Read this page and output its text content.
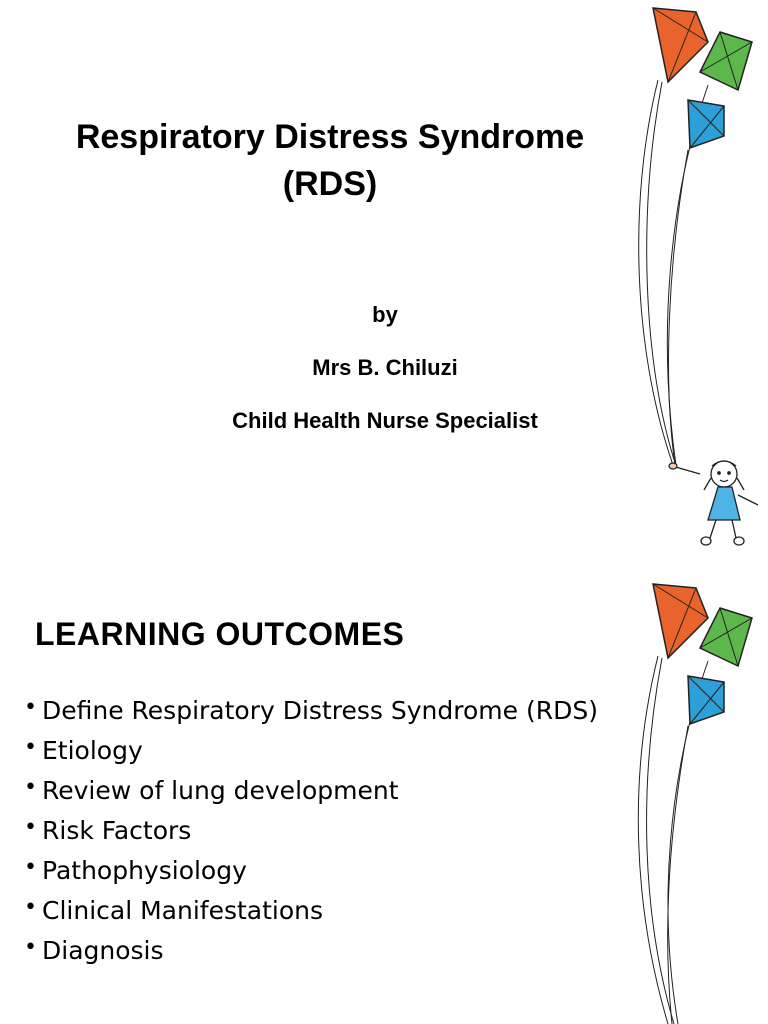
Respiratory Distress Syndrome (RDS)

by

Mrs B. Chiluzi

Child Health Nurse Specialist

LEARNING OUTCOMES
• Define Respiratory Distress Syndrome (RDS)
• Etiology
• Review of lung development
• Risk Factors
• Pathophysiology
• Clinical Manifestations
• Diagnosis
